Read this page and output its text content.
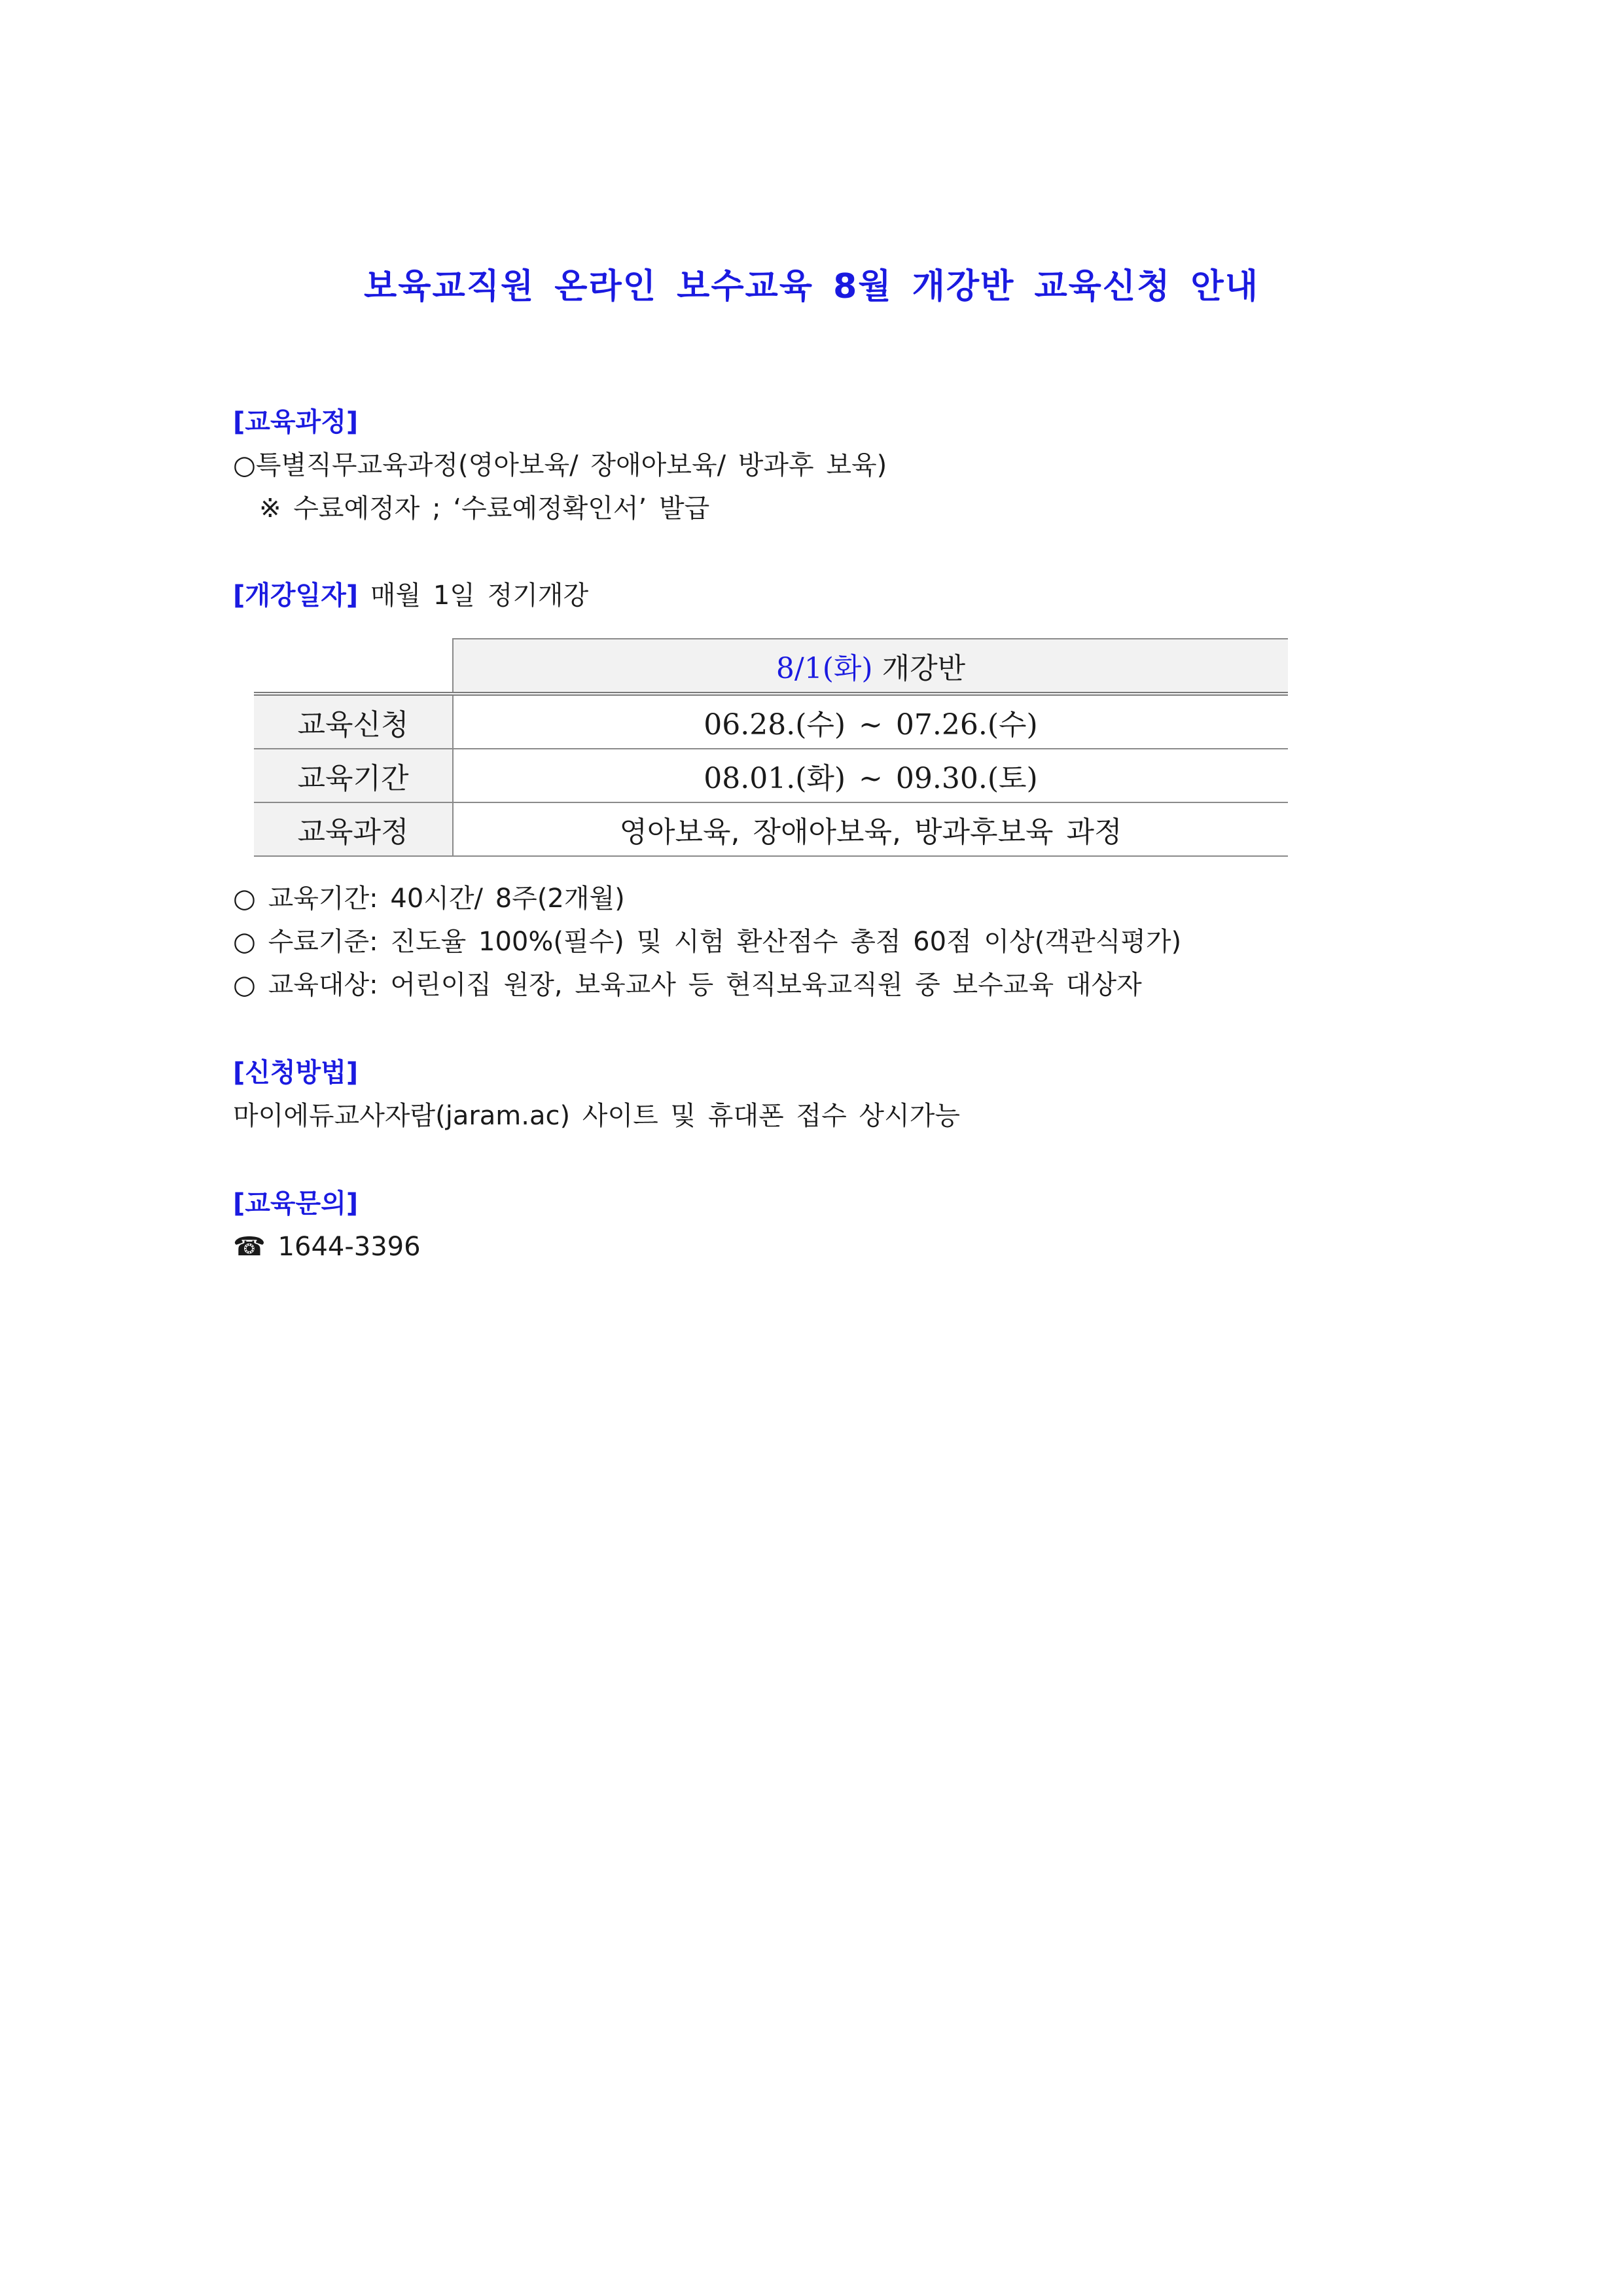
보육교직원 온라인 보수교육 8월 개강반 교육신청 안내
[교육과정]
○특별직무교육과정(영아보육/ 장애아보육/ 방과후 보육)
※ 수료예정자 ; ‘수료예정확인서’ 발급
[개강일자] 매월 1일 정기개강
	8/1(화) 개강반
교육신청	06.28.(수) ~ 07.26.(수)
교육기간	08.01.(화) ~ 09.30.(토)
교육과정	영아보육, 장애아보육, 방과후보육 과정
○ 교육기간: 40시간/ 8주(2개월)
○ 수료기준: 진도율 100%(필수) 및 시험 환산점수 총점 60점 이상(객관식평가)
○ 교육대상: 어린이집 원장, 보육교사 등 현직보육교직원 중 보수교육 대상자
[신청방법]
마이에듀교사자람(jaram.ac) 사이트 및 휴대폰 접수 상시가능
[교육문의]
☎ 1644-3396
